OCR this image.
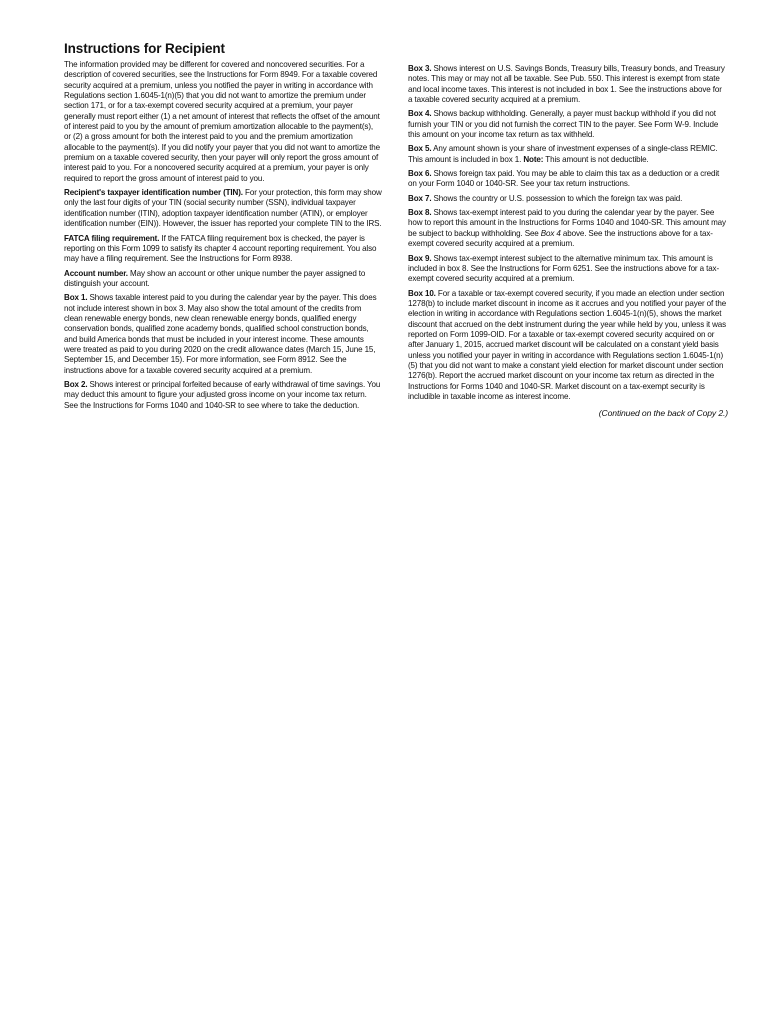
Instructions for Recipient

The information provided may be different for covered and noncovered securities. For a description of covered securities, see the Instructions for Form 8949. For a taxable covered security acquired at a premium, unless you notified the payer in writing in accordance with Regulations section 1.6045-1(n)(5) that you did not want to amortize the premium under section 171, or for a tax-exempt covered security acquired at a premium, your payer generally must report either (1) a net amount of interest that reflects the offset of the amount of interest paid to you by the amount of premium amortization allocable to the payment(s), or (2) a gross amount for both the interest paid to you and the premium amortization allocable to the payment(s). If you did notify your payer that you did not want to amortize the premium on a taxable covered security, then your payer will only report the gross amount of interest paid to you. For a noncovered security acquired at a premium, your payer is only required to report the gross amount of interest paid to you.

Recipient's taxpayer identification number (TIN). For your protection, this form may show only the last four digits of your TIN (social security number (SSN), individual taxpayer identification number (ITIN), adoption taxpayer identification number (ATIN), or employer identification number (EIN)). However, the issuer has reported your complete TIN to the IRS.

FATCA filing requirement. If the FATCA filing requirement box is checked, the payer is reporting on this Form 1099 to satisfy its chapter 4 account reporting requirement. You also may have a filing requirement. See the Instructions for Form 8938.

Account number. May show an account or other unique number the payer assigned to distinguish your account.

Box 1. Shows taxable interest paid to you during the calendar year by the payer. This does not include interest shown in box 3. May also show the total amount of the credits from clean renewable energy bonds, new clean renewable energy bonds, qualified energy conservation bonds, qualified zone academy bonds, qualified school construction bonds, and build America bonds that must be included in your interest income. These amounts were treated as paid to you during 2020 on the credit allowance dates (March 15, June 15, September 15, and December 15). For more information, see Form 8912. See the instructions above for a taxable covered security acquired at a premium.

Box 2. Shows interest or principal forfeited because of early withdrawal of time savings. You may deduct this amount to figure your adjusted gross income on your income tax return. See the Instructions for Forms 1040 and 1040-SR to see where to take the deduction.

Box 3. Shows interest on U.S. Savings Bonds, Treasury bills, Treasury bonds, and Treasury notes. This may or may not all be taxable. See Pub. 550. This interest is exempt from state and local income taxes. This interest is not included in box 1. See the instructions above for a taxable covered security acquired at a premium.

Box 4. Shows backup withholding. Generally, a payer must backup withhold if you did not furnish your TIN or you did not furnish the correct TIN to the payer. See Form W-9. Include this amount on your income tax return as tax withheld.

Box 5. Any amount shown is your share of investment expenses of a single-class REMIC. This amount is included in box 1. Note: This amount is not deductible.

Box 6. Shows foreign tax paid. You may be able to claim this tax as a deduction or a credit on your Form 1040 or 1040-SR. See your tax return instructions.

Box 7. Shows the country or U.S. possession to which the foreign tax was paid.

Box 8. Shows tax-exempt interest paid to you during the calendar year by the payer. See how to report this amount in the Instructions for Forms 1040 and 1040-SR. This amount may be subject to backup withholding. See Box 4 above. See the instructions above for a tax-exempt covered security acquired at a premium.

Box 9. Shows tax-exempt interest subject to the alternative minimum tax. This amount is included in box 8. See the Instructions for Form 6251. See the instructions above for a tax-exempt covered security acquired at a premium.

Box 10. For a taxable or tax-exempt covered security, if you made an election under section 1278(b) to include market discount in income as it accrues and you notified your payer of the election in writing in accordance with Regulations section 1.6045-1(n)(5), shows the market discount that accrued on the debt instrument during the year while held by you, unless it was reported on Form 1099-OID. For a taxable or tax-exempt covered security acquired on or after January 1, 2015, accrued market discount will be calculated on a constant yield basis unless you notified your payer in writing in accordance with Regulations section 1.6045-1(n)(5) that you did not want to make a constant yield election for market discount under section 1276(b). Report the accrued market discount on your income tax return as directed in the Instructions for Forms 1040 and 1040-SR. Market discount on a tax-exempt security is includible in taxable income as interest income.

(Continued on the back of Copy 2.)
